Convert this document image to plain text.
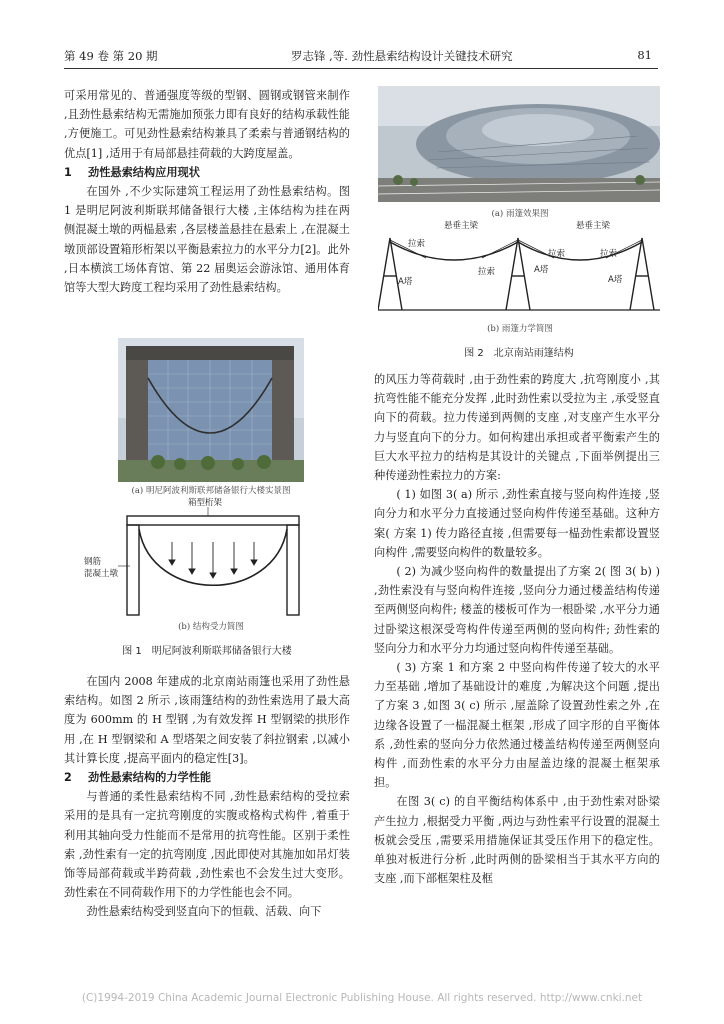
第 49 卷 第 20 期	罗志锋 ,等. 劲性悬索结构设计关键技术研究	81

可采用常见的、普通强度等级的型钢、圆钢或钢管来制作 ,且劲性悬索结构无需施加预张力即有良好的结构承载性能 ,方便施工。可见劲性悬索结构兼具了柔索与普通钢结构的优点[1] ,适用于有局部悬挂荷载的大跨度屋盖。

1 劲性悬索结构应用现状

在国外 ,不少实际建筑工程运用了劲性悬索结构。图 1 是明尼阿波利斯联邦储备银行大楼 ,主体结构为挂在两侧混凝土墩的两榀悬索 ,各层楼盖悬挂在悬索上 ,在混凝土墩顶部设置箱形桁架以平衡悬索拉力的水平分力[2]。此外 ,日本横滨工场体育馆、第 22 届奥运会游泳馆、通用体育馆等大型大跨度工程均采用了劲性悬索结构。

(a) 明尼阿波利斯联邦储备银行大楼实景图
箱型桁架
钢筋
混凝土墩
(b) 结构受力简图
图 1　明尼阿波利斯联邦储备银行大楼

在国内 2008 年建成的北京南站雨篷也采用了劲性悬索结构。如图 2 所示 ,该雨篷结构的劲性索选用了最大高度为 600mm 的 H 型钢 ,为有效发挥 H 型钢梁的拱形作用 ,在 H 型钢梁和 A 型塔架之间安装了斜拉钢索 ,以减小其计算长度 ,提高平面内的稳定性[3]。

2 劲性悬索结构的力学性能

与普通的柔性悬索结构不同 ,劲性悬索结构的受拉索采用的是具有一定抗弯刚度的实腹或格构式构件 ,着重于利用其轴向受力性能而不是常用的抗弯性能。区别于柔性索 ,劲性索有一定的抗弯刚度 ,因此即使对其施加如吊灯装饰等局部荷载或半跨荷载 ,劲性索也不会发生过大变形。劲性索在不同荷载作用下的力学性能也会不同。

劲性悬索结构受到竖直向下的恒载、活载、向下

(a) 雨篷效果图
悬垂主梁	悬垂主梁
拉索
拉索
拉索	拉索
A塔
A塔
A塔
(b) 雨篷力学简图
图 2　北京南站雨篷结构

的风压力等荷载时 ,由于劲性索的跨度大 ,抗弯刚度小 ,其抗弯性能不能充分发挥 ,此时劲性索以受拉为主 ,承受竖直向下的荷载。拉力传递到两侧的支座 ,对支座产生水平分力与竖直向下的分力。如何构建出承担或者平衡索产生的巨大水平拉力的结构是其设计的关键点 ,下面举例提出三种传递劲性索拉力的方案:

( 1) 如图 3( a) 所示 ,劲性索直接与竖向构件连接 ,竖向分力和水平分力直接通过竖向构件传递至基础。这种方案( 方案 1) 传力路径直接 ,但需要每一榀劲性索都设置竖向构件 ,需要竖向构件的数量较多。

( 2) 为减少竖向构件的数量提出了方案 2( 图 3( b) ) ,劲性索没有与竖向构件连接 ,竖向分力通过楼盖结构传递至两侧竖向构件; 楼盖的楼板可作为一根卧梁 ,水平分力通过卧梁这根深受弯构件传递至两侧的竖向构件; 劲性索的竖向分力和水平分力均通过竖向构件传递至基础。

( 3) 方案 1 和方案 2 中竖向构件传递了较大的水平力至基础 ,增加了基础设计的难度 ,为解决这个问题 ,提出了方案 3 ,如图 3( c) 所示 ,屋盖除了设置劲性索之外 ,在边缘各设置了一榀混凝土框架 ,形成了回字形的自平衡体系 ,劲性索的竖向分力依然通过楼盖结构传递至两侧竖向构件 ,而劲性索的水平分力由屋盖边缘的混凝土框架承担。

在图 3( c) 的自平衡结构体系中 ,由于劲性索对卧梁产生拉力 ,根据受力平衡 ,两边与劲性索平行设置的混凝土板就会受压 ,需要采用措施保证其受压作用下的稳定性。单独对板进行分析 ,此时两侧的卧梁相当于其水平方向的支座 ,而下部框架柱及框

(C)1994-2019 China Academic Journal Electronic Publishing House. All rights reserved. http://www.cnki.net
